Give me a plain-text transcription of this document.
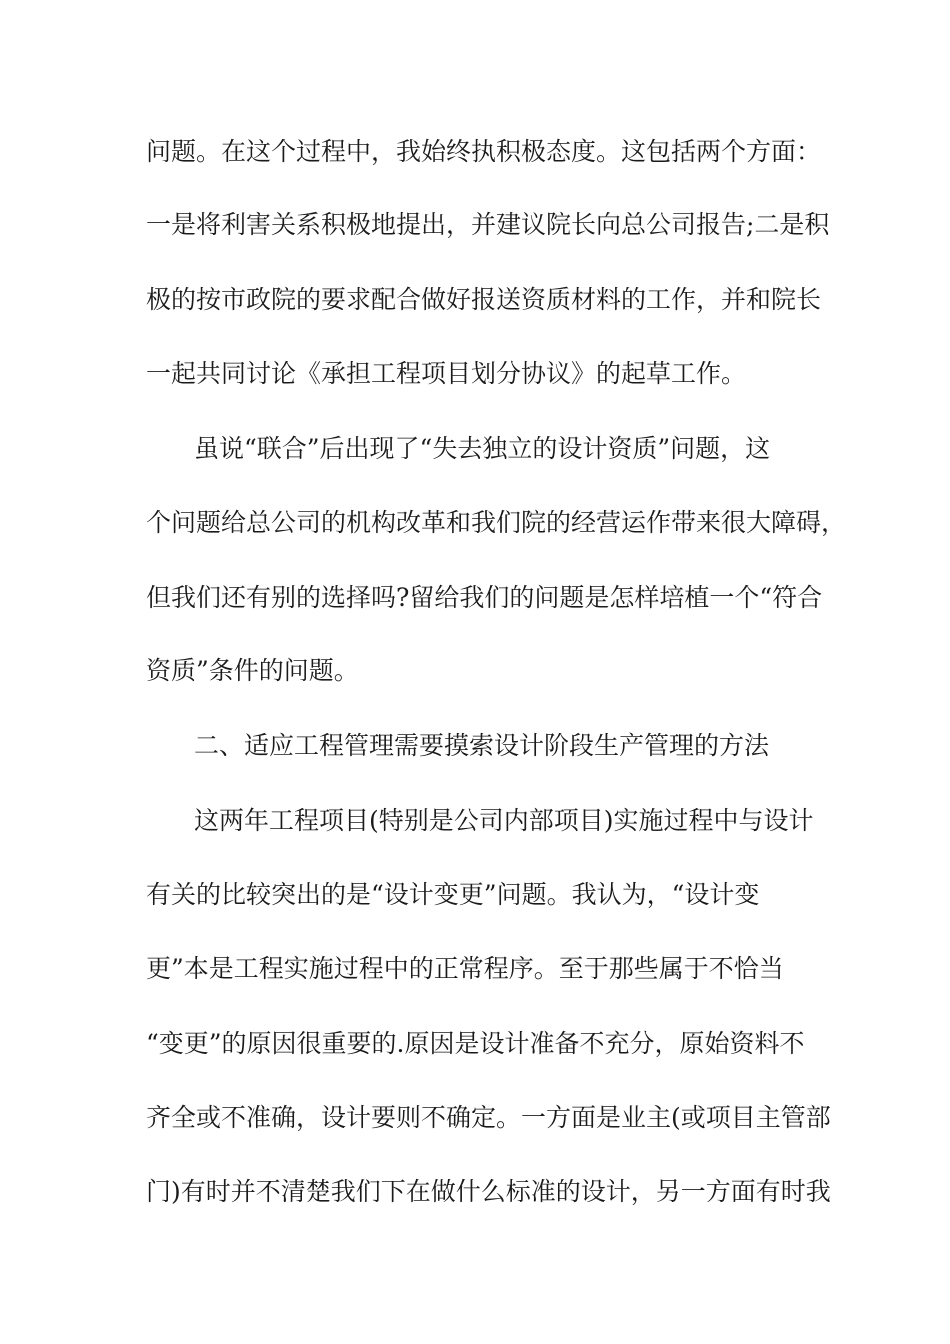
问题。在这个过程中，我始终执积极态度。这包括两个方面：
一是将利害关系积极地提出，并建议院长向总公司报告;二是积
极的按市政院的要求配合做好报送资质材料的工作，并和院长
一起共同讨论《承担工程项目划分协议》的起草工作。
虽说“联合”后出现了“失去独立的设计资质”问题，这
个问题给总公司的机构改革和我们院的经营运作带来很大障碍，
但我们还有别的选择吗?留给我们的问题是怎样培植一个“符合
资质”条件的问题。
二、适应工程管理需要摸索设计阶段生产管理的方法
这两年工程项目(特别是公司内部项目)实施过程中与设计
有关的比较突出的是“设计变更”问题。我认为，“设计变
更”本是工程实施过程中的正常程序。至于那些属于不恰当
“变更”的原因很重要的.原因是设计准备不充分，原始资料不
齐全或不准确，设计要则不确定。一方面是业主(或项目主管部
门)有时并不清楚我们下在做什么标准的设计，另一方面有时我
